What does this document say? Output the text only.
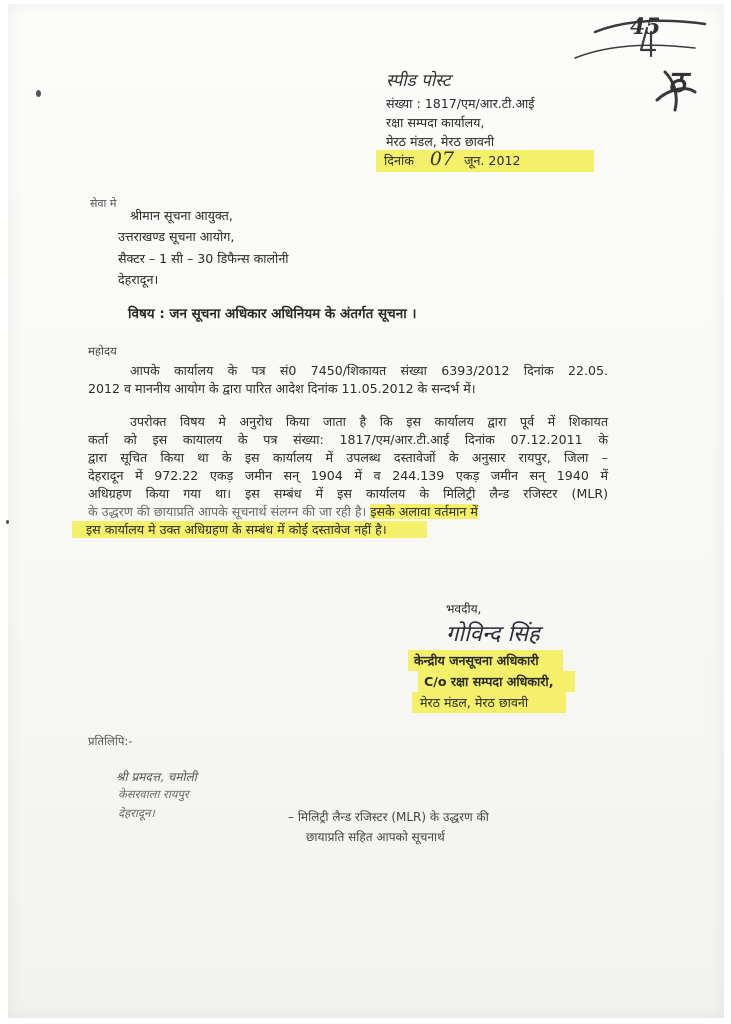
45
ठ
स्पीड पोस्ट
संख्या : 1817/एम/आर.टी.आई
रक्षा सम्पदा कार्यालय,
मेरठ मंडल, मेरठ छावनी
दिनांक 07 जून. 2012
सेवा मे
श्रीमान सूचना आयुक्त,
उत्तराखण्ड सूचना आयोग,
सैक्टर – 1 सी – 30 डिफैन्स कालोनी
देहरादून।
विषय : जन सूचना अधिकार अधिनियम के अंतर्गत सूचना ।
महोदय
आपके कार्यालय के पत्र सं0 7450/शिकायत संख्या 6393/2012 दिनांक 22.05.
2012 व माननीय आयोग के द्वारा पारित आदेश दिनांक 11.05.2012 के सन्दर्भ में।
उपरोक्त विषय मे अनुरोध किया जाता है कि इस कार्यालय द्वारा पूर्व में शिकायत
कर्ता को इस कायालय के पत्र संख्या: 1817/एम/आर.टी.आई दिनांक 07.12.2011 के
द्वारा सूचित किया था के इस कार्यालय में उपलब्ध दस्तावेजों के अनुसार रायपुर, जिला –
देहरादून में 972.22 एकड़ जमीन सन् 1904 में व 244.139 एकड़ जमीन सन् 1940 में
अधिग्रहण किया गया था। इस सम्बंध में इस कार्यालय के मिलिट्री लैन्ड रजिस्टर (MLR)
के उद्धरण की छायाप्रति आपके सूचनार्थ संलग्न की जा रही है। इसके अलावा वर्तमान में
इस कार्यालय मे उक्त अधिग्रहण के सम्बंध में कोई दस्तावेज नहीं है।
भवदीय,
गोविन्द सिंह
केन्द्रीय जनसूचना अधिकारी
C/o रक्षा सम्पदा अधिकारी,
मेरठ मंडल, मेरठ छावनी
प्रतिलिपि:-
श्री प्रमदत्त, चमोली
केसरवाला रायपुर
देहरादून।	– मिलिट्री लैन्ड रजिस्टर (MLR) के उद्धरण की
छायाप्रति सहित आपको सूचनार्थ
